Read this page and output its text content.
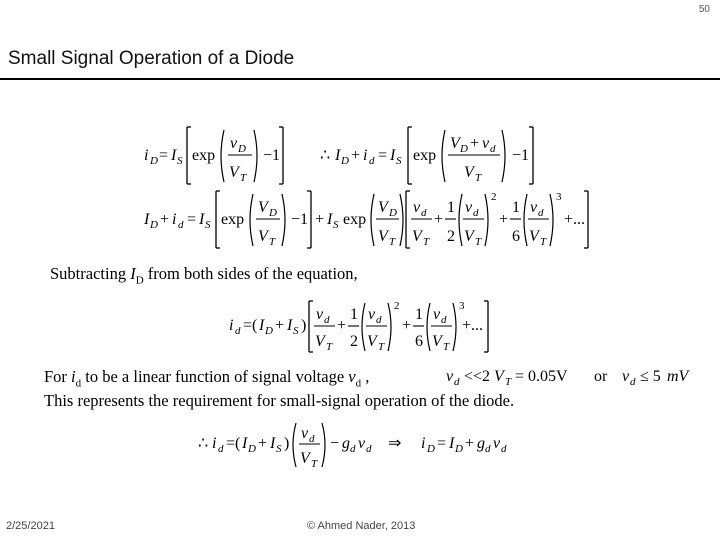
50
Small Signal Operation of a Diode
i D = I S exp
v D
V T
−1 ∴ I D + i d = I S exp
V D + v d
V T
−1
I D + i d = I S exp
V D
V T
−1 + I S exp
V D
V T
v d
V T
+
1
2
v d
V T
2
+
1
6
v d
V T
3
+...
Subtracting $I_D$ from both sides of the equation,
i d =( I D + I S )
v d
V T
+
1
2
v d
V T
2
+
1
6
v d
V T
3
+...
For $i_d$ to be a linear function of signal voltage $v_d$ ,	v d <<2 V T = 0.05V or v d ≤ 5 mV
This represents the requirement for small-signal operation of the diode.
∴ i d =( I D + I S )
v d
V T
− g d v d ⇒ i D = I D + g d v d
2/25/2021	© Ahmed Nader, 2013
